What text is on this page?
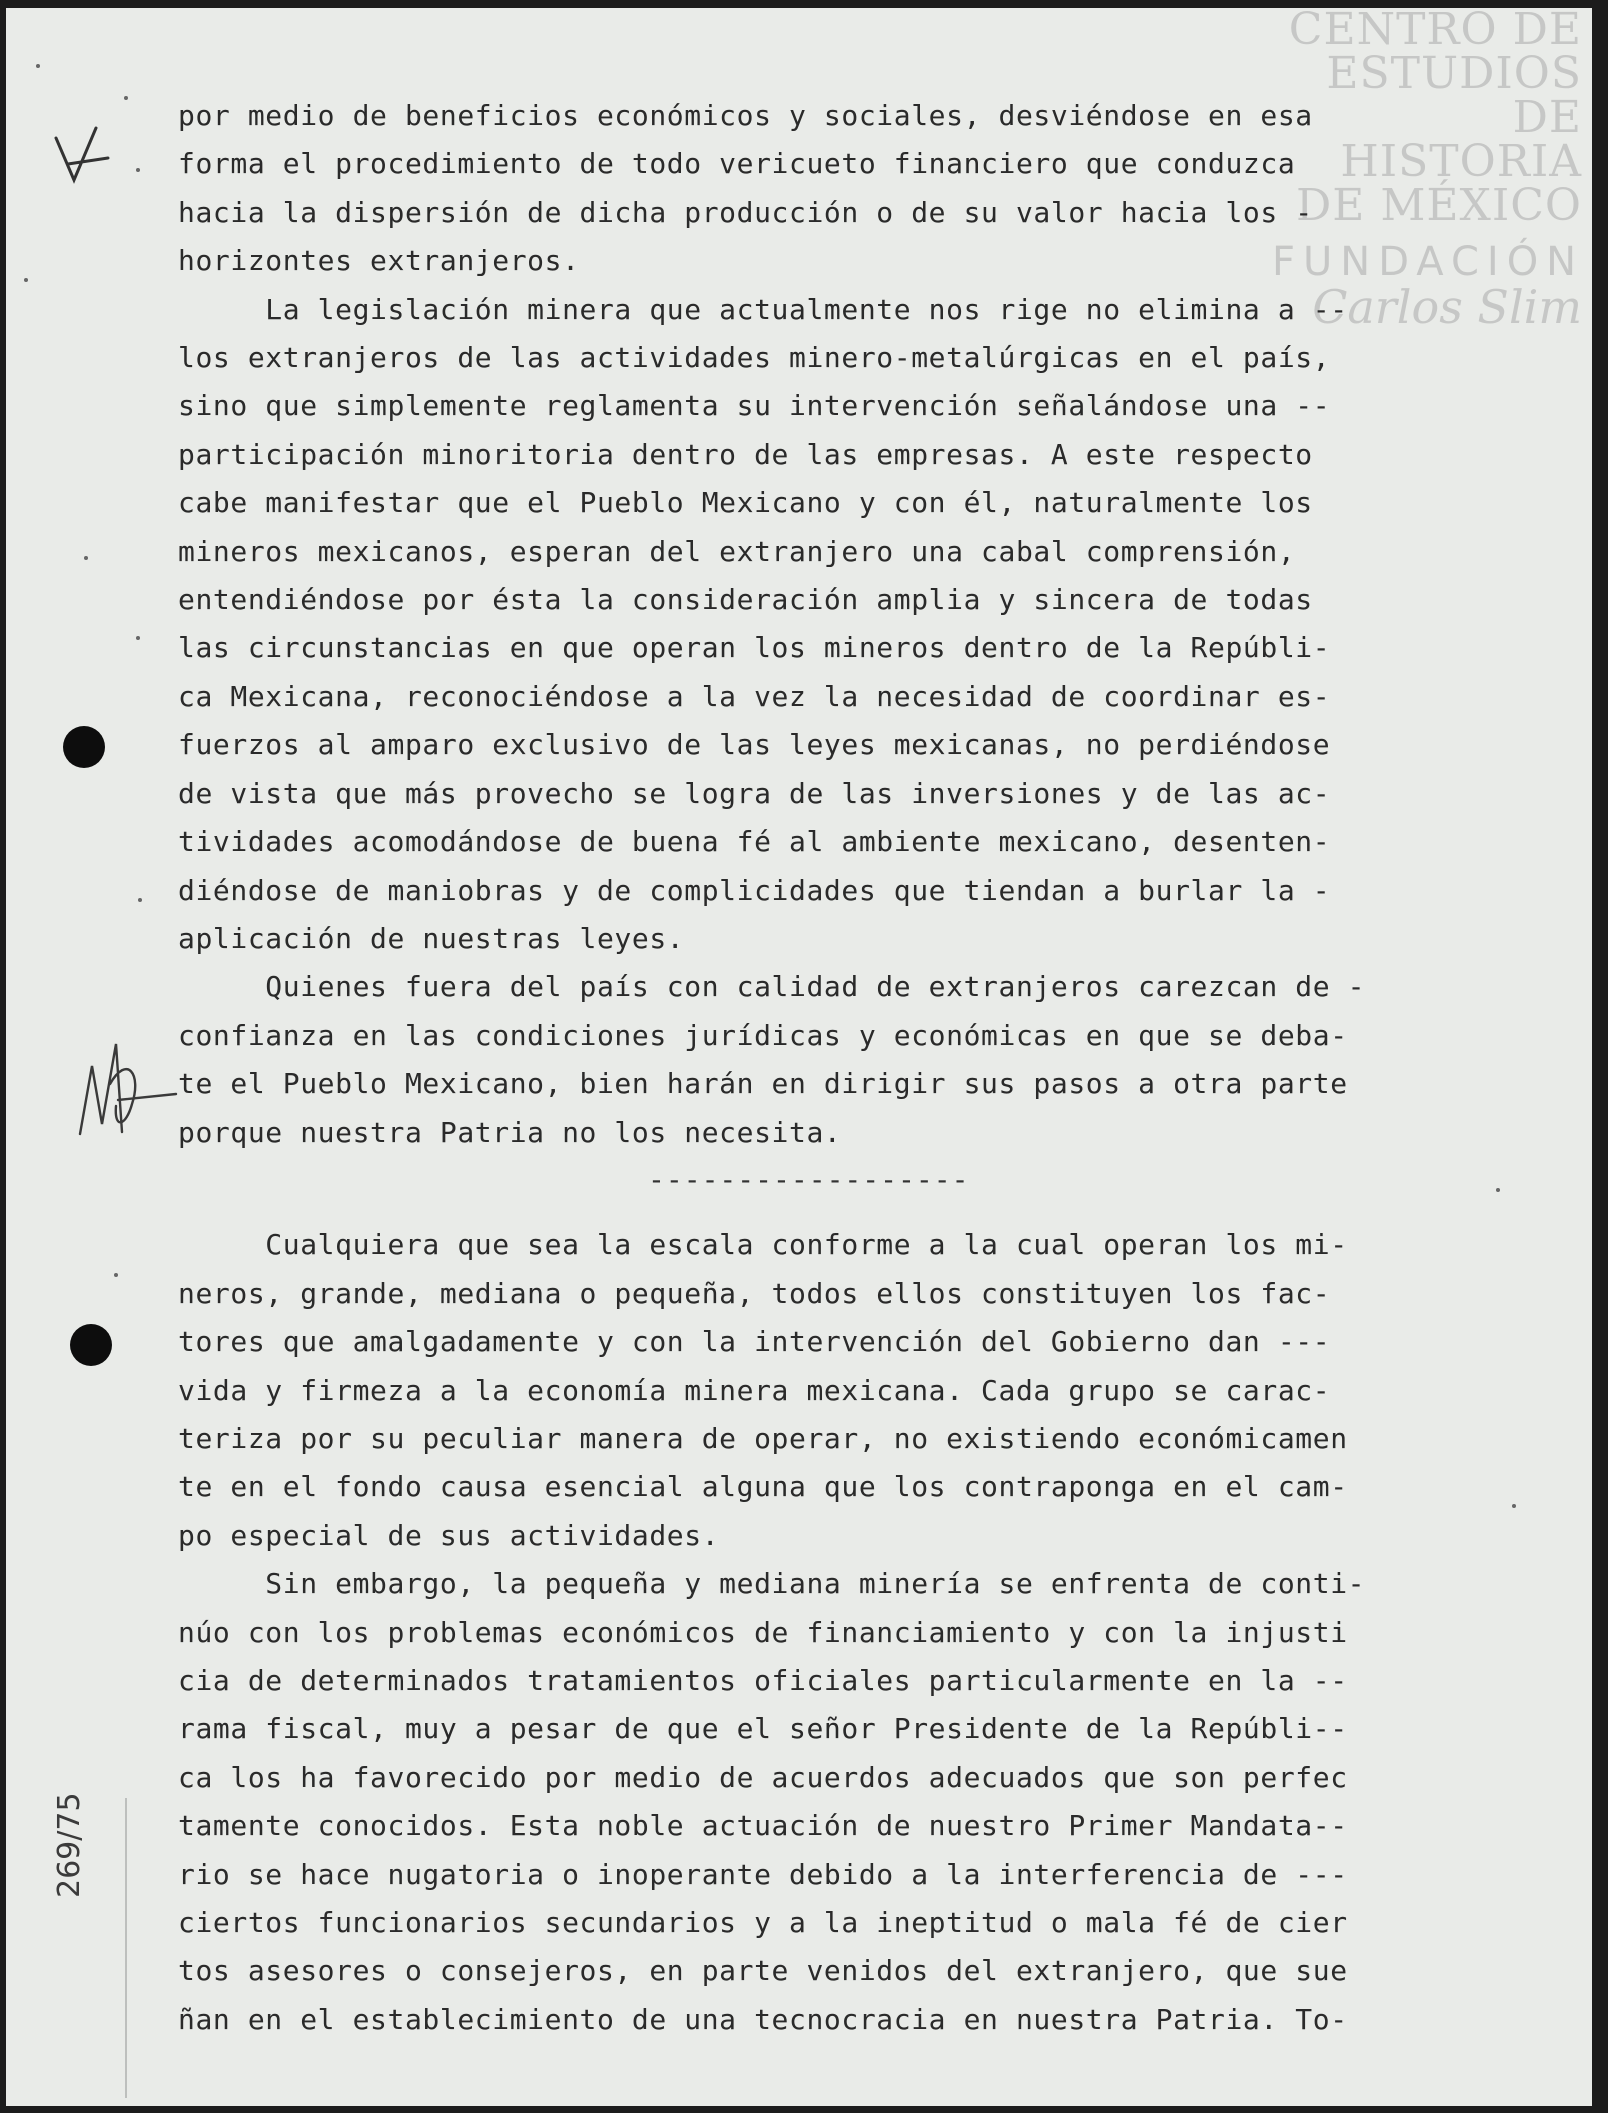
CENTRO DE
ESTUDIOS
DE HISTORIA
DE MÉXICO
FUNDACIÓN
Carlos Slim
269/75
por medio de beneficios económicos y sociales, desviéndose en esa
forma el procedimiento de todo vericueto financiero que conduzca
hacia la dispersión de dicha producción o de su valor hacia los -
horizontes extranjeros.
La legislación minera que actualmente nos rige no elimina a --
los extranjeros de las actividades minero-metalúrgicas en el país,
sino que simplemente reglamenta su intervención señalándose una --
participación minoritoria dentro de las empresas. A este respecto
cabe manifestar que el Pueblo Mexicano y con él, naturalmente los
mineros mexicanos, esperan del extranjero una cabal comprensión,
entendiéndose por ésta la consideración amplia y sincera de todas
las circunstancias en que operan los mineros dentro de la Repúbli-
ca Mexicana, reconociéndose a la vez la necesidad de coordinar es-
fuerzos al amparo exclusivo de las leyes mexicanas, no perdiéndose
de vista que más provecho se logra de las inversiones y de las ac-
tividades acomodándose de buena fé al ambiente mexicano, desenten-
diéndose de maniobras y de complicidades que tiendan a burlar la -
aplicación de nuestras leyes.
Quienes fuera del país con calidad de extranjeros carezcan de -
confianza en las condiciones jurídicas y económicas en que se deba-
te el Pueblo Mexicano, bien harán en dirigir sus pasos a otra parte
porque nuestra Patria no los necesita.
------------------
Cualquiera que sea la escala conforme a la cual operan los mi-
neros, grande, mediana o pequeña, todos ellos constituyen los fac-
tores que amalgadamente y con la intervención del Gobierno dan ---
vida y firmeza a la economía minera mexicana. Cada grupo se carac-
teriza por su peculiar manera de operar, no existiendo económicamen
te en el fondo causa esencial alguna que los contraponga en el cam-
po especial de sus actividades.
Sin embargo, la pequeña y mediana minería se enfrenta de conti-
núo con los problemas económicos de financiamiento y con la injusti
cia de determinados tratamientos oficiales particularmente en la --
rama fiscal, muy a pesar de que el señor Presidente de la Repúbli--
ca los ha favorecido por medio de acuerdos adecuados que son perfec
tamente conocidos. Esta noble actuación de nuestro Primer Mandata--
rio se hace nugatoria o inoperante debido a la interferencia de ---
ciertos funcionarios secundarios y a la ineptitud o mala fé de cier
tos asesores o consejeros, en parte venidos del extranjero, que sue
ñan en el establecimiento de una tecnocracia en nuestra Patria. To-
